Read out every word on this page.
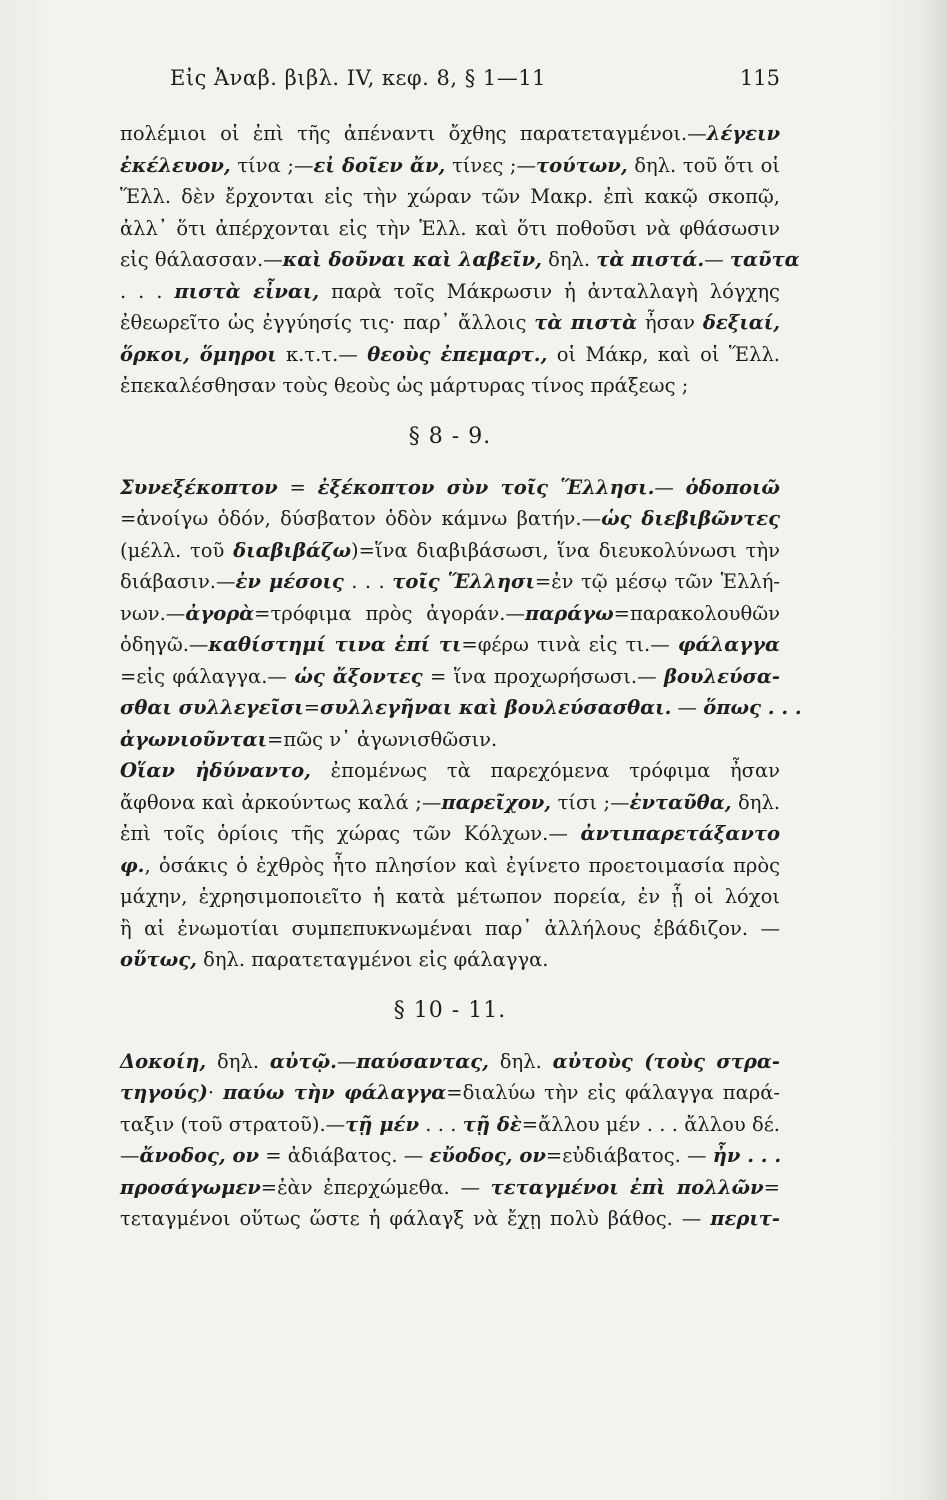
Εἰς Ἀναβ. βιβλ. IV, κεφ. 8, § 1—11	115
πολέμιοι οἱ ἐπὶ τῆς ἀπέναντι ὄχθης παρατεταγμένοι.—λέγειν
ἐκέλευον, τίνα ;—εἰ δοῖεν ἄν, τίνες ;—τούτων, δηλ. τοῦ ὅτι οἱ
Ἕλλ. δὲν ἔρχονται εἰς τὴν χώραν τῶν Μακρ. ἐπὶ κακῷ σκοπῷ,
ἀλλ᾽ ὅτι ἀπέρχονται εἰς τὴν Ἑλλ. καὶ ὅτι ποθοῦσι νὰ φθάσωσιν
εἰς θάλασσαν.—καὶ δοῦναι καὶ λαβεῖν, δηλ. τὰ πιστά.— ταῦτα
. . . πιστὰ εἶναι, παρὰ τοῖς Μάκρωσιν ἡ ἀνταλλαγὴ λόγχης
ἐθεωρεῖτο ὡς ἐγγύησίς τις· παρ᾽ ἄλλοις τὰ πιστὰ ἦσαν δεξιαί,
ὅρκοι, ὅμηροι κ.τ.τ.— θεοὺς ἐπεμαρτ., οἱ Μάκρ, καὶ οἱ Ἕλλ.
ἐπεκαλέσθησαν τοὺς θεοὺς ὡς μάρτυρας τίνος πράξεως ;
§ 8 - 9.
Συνεξέκοπτον = ἐξέκοπτον σὺν τοῖς Ἕλλησι.— ὁδοποιῶ
=ἀνοίγω ὁδόν, δύσβατον ὁδὸν κάμνω βατήν.—ὡς διεβιβῶντες
(μέλλ. τοῦ διαβιβάζω)=ἵνα διαβιβάσωσι, ἵνα διευκολύνωσι τὴν
διάβασιν.—ἐν μέσοις . . . τοῖς Ἕλλησι=ἐν τῷ μέσῳ τῶν Ἑλλή-
νων.—ἀγορὰ=τρόφιμα πρὸς ἀγοράν.—παράγω=παρακολουθῶν
ὁδηγῶ.—καθίστημί τινα ἐπί τι=φέρω τινὰ εἰς τι.— φάλαγγα
=εἰς φάλαγγα.— ὡς ἄξοντες = ἵνα προχωρήσωσι.— βουλεύσα-
σθαι συλλεγεῖσι=συλλεγῆναι καὶ βουλεύσασθαι. — ὅπως . . .
ἀγωνιοῦνται=πῶς ν᾽ ἀγωνισθῶσιν.
Οἵαν ἠδύναντο, ἐπομένως τὰ παρεχόμενα τρόφιμα ἦσαν
ἄφθονα καὶ ἀρκούντως καλά ;—παρεῖχον, τίσι ;—ἐνταῦθα, δηλ.
ἐπὶ τοῖς ὁρίοις τῆς χώρας τῶν Κόλχων.— ἀντιπαρετάξαντο
φ., ὁσάκις ὁ ἐχθρὸς ἦτο πλησίον καὶ ἐγίνετο προετοιμασία πρὸς
μάχην, ἐχρησιμοποιεῖτο ἡ κατὰ μέτωπον πορεία, ἐν ᾗ οἱ λόχοι
ἢ αἱ ἐνωμοτίαι συμπεπυκνωμέναι παρ᾽ ἀλλήλους ἐβάδιζον. —
οὕτως, δηλ. παρατεταγμένοι εἰς φάλαγγα.
§ 10 - 11.
Δοκοίη, δηλ. αὐτῷ.—παύσαντας, δηλ. αὐτοὺς (τοὺς στρα-
τηγούς)· παύω τὴν φάλαγγα=διαλύω τὴν εἰς φάλαγγα παρά-
ταξιν (τοῦ στρατοῦ).—τῇ μέν . . . τῇ δὲ=ἄλλου μέν . . . ἄλλου δέ.
—ἄνοδος, ον = ἀδιάβατος. — εὔοδος, ον=εὐδιάβατος. — ἦν . . .
προσάγωμεν=ἐὰν ἐπερχώμεθα. — τεταγμένοι ἐπὶ πολλῶν=
τεταγμένοι οὕτως ὥστε ἡ φάλαγξ νὰ ἔχῃ πολὺ βάθος. — περιτ-
